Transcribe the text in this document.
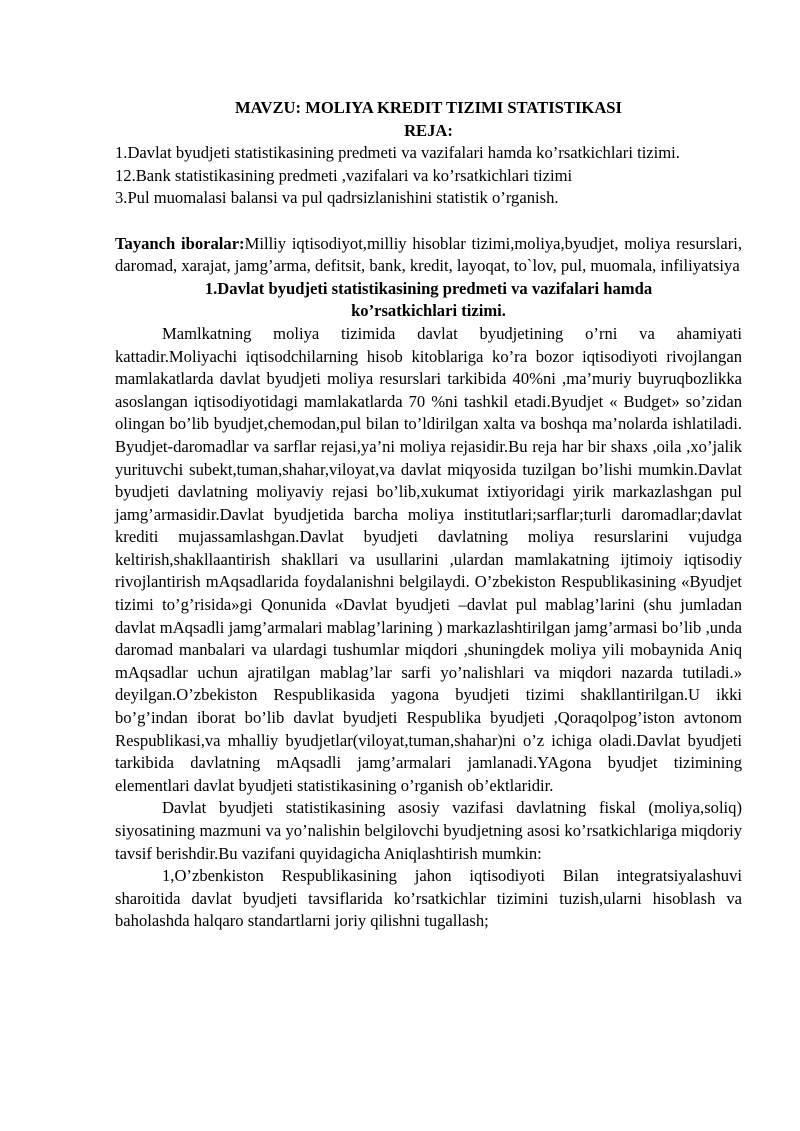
MAVZU: MOLIYA KREDIT TIZIMI STATISTIKASI

REJA:

1.Davlat byudjeti statistikasining predmeti va vazifalari hamda ko’rsatkichlari tizimi.

12.Bank statistikasining predmeti ,vazifalari va ko’rsatkichlari tizimi

3.Pul muomalasi balansi va pul qadrsizlanishini statistik o’rganish.

Tayanch iboralar:Milliy iqtisodiyot,milliy hisoblar tizimi,moliya,byudjet, moliya resurslari, daromad, xarajat, jamg’arma, defitsit, bank, kredit, layoqat, to`lov, pul, muomala, infiliyatsiya

1.Davlat byudjeti statistikasining predmeti va vazifalari hamda ko’rsatkichlari tizimi.

Mamlkatning moliya tizimida davlat byudjetining o’rni va ahamiyati kattadir.Moliyachi iqtisodchilarning hisob kitoblariga ko’ra bozor iqtisodiyoti rivojlangan mamlakatlarda davlat byudjeti moliya resurslari tarkibida 40%ni ,ma’muriy buyruqbozlikka asoslangan iqtisodiyotidagi mamlakatlarda 70 %ni tashkil etadi.Byudjet « Budget» so’zidan olingan bo’lib byudjet,chemodan,pul bilan to’ldirilgan xalta va boshqa ma’nolarda ishlatiladi. Byudjet-daromadlar va sarflar rejasi,ya’ni moliya rejasidir.Bu reja har bir shaxs ,oila ,xo’jalik yurituvchi subekt,tuman,shahar,viloyat,va davlat miqyosida tuzilgan bo’lishi mumkin.Davlat byudjeti davlatning moliyaviy rejasi bo’lib,xukumat ixtiyoridagi yirik markazlashgan pul jamg’armasidir.Davlat byudjetida barcha moliya institutlari;sarflar;turli daromadlar;davlat krediti mujassamlashgan.Davlat byudjeti davlatning moliya resurslarini vujudga keltirish,shakllaantirish shakllari va usullarini ,ulardan mamlakatning ijtimoiy iqtisodiy rivojlantirish mAqsadlarida foydalanishni belgilaydi. O’zbekiston Respublikasining «Byudjet tizimi to’g’risida»gi Qonunida «Davlat byudjeti –davlat pul mablag’larini (shu jumladan davlat mAqsadli jamg’armalari mablag’larining ) markazlashtirilgan jamg’armasi bo’lib ,unda daromad manbalari va ulardagi tushumlar miqdori ,shuningdek moliya yili mobaynida Aniq mAqsadlar uchun ajratilgan mablag’lar sarfi yo’nalishlari va miqdori nazarda tutiladi.» deyilgan.O’zbekiston Respublikasida yagona byudjeti tizimi shakllantirilgan.U ikki bo’g’indan iborat bo’lib davlat byudjeti Respublika byudjeti ,Qoraqolpog’iston avtonom Respublikasi,va mhalliy byudjetlar(viloyat,tuman,shahar)ni o’z ichiga oladi.Davlat byudjeti tarkibida davlatning mAqsadli jamg’armalari jamlanadi.YAgona byudjet tizimining elementlari davlat byudjeti statistikasining o’rganish ob’ektlaridir.

Davlat byudjeti statistikasining asosiy vazifasi davlatning fiskal (moliya,soliq) siyosatining mazmuni va yo’nalishin belgilovchi byudjetning asosi ko’rsatkichlariga miqdoriy tavsif berishdir.Bu vazifani quyidagicha Aniqlashtirish mumkin:

1,O’zbenkiston Respublikasining jahon iqtisodiyoti Bilan integratsiyalashuvi sharoitida davlat byudjeti tavsiflarida ko’rsatkichlar tizimini tuzish,ularni hisoblash va baholashda halqaro standartlarni joriy qilishni tugallash;
